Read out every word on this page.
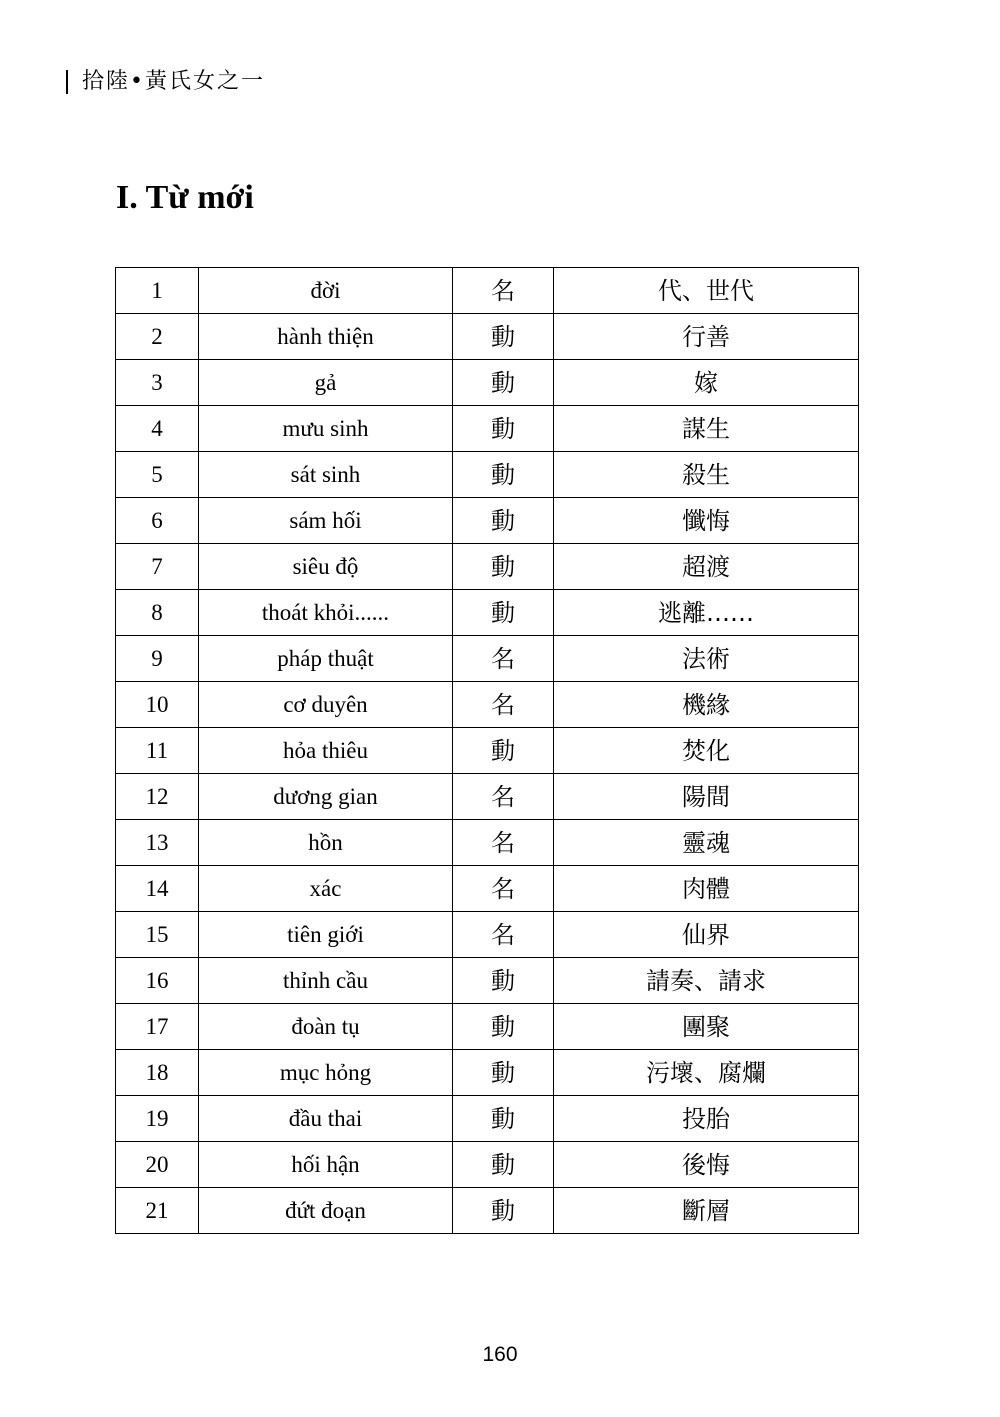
拾陸•黃氏女之一
I. Từ mới
1	đời	名	代、世代
2	hành thiện	動	行善
3	gả	動	嫁
4	mưu sinh	動	謀生
5	sát sinh	動	殺生
6	sám hối	動	懺悔
7	siêu độ	動	超渡
8	thoát khỏi......	動	逃離……
9	pháp thuật	名	法術
10	cơ duyên	名	機緣
11	hỏa thiêu	動	焚化
12	dương gian	名	陽間
13	hồn	名	靈魂
14	xác	名	肉體
15	tiên giới	名	仙界
16	thỉnh cầu	動	請奏、請求
17	đoàn tụ	動	團聚
18	mục hỏng	動	污壞、腐爛
19	đầu thai	動	投胎
20	hối hận	動	後悔
21	đứt đoạn	動	斷層
160
